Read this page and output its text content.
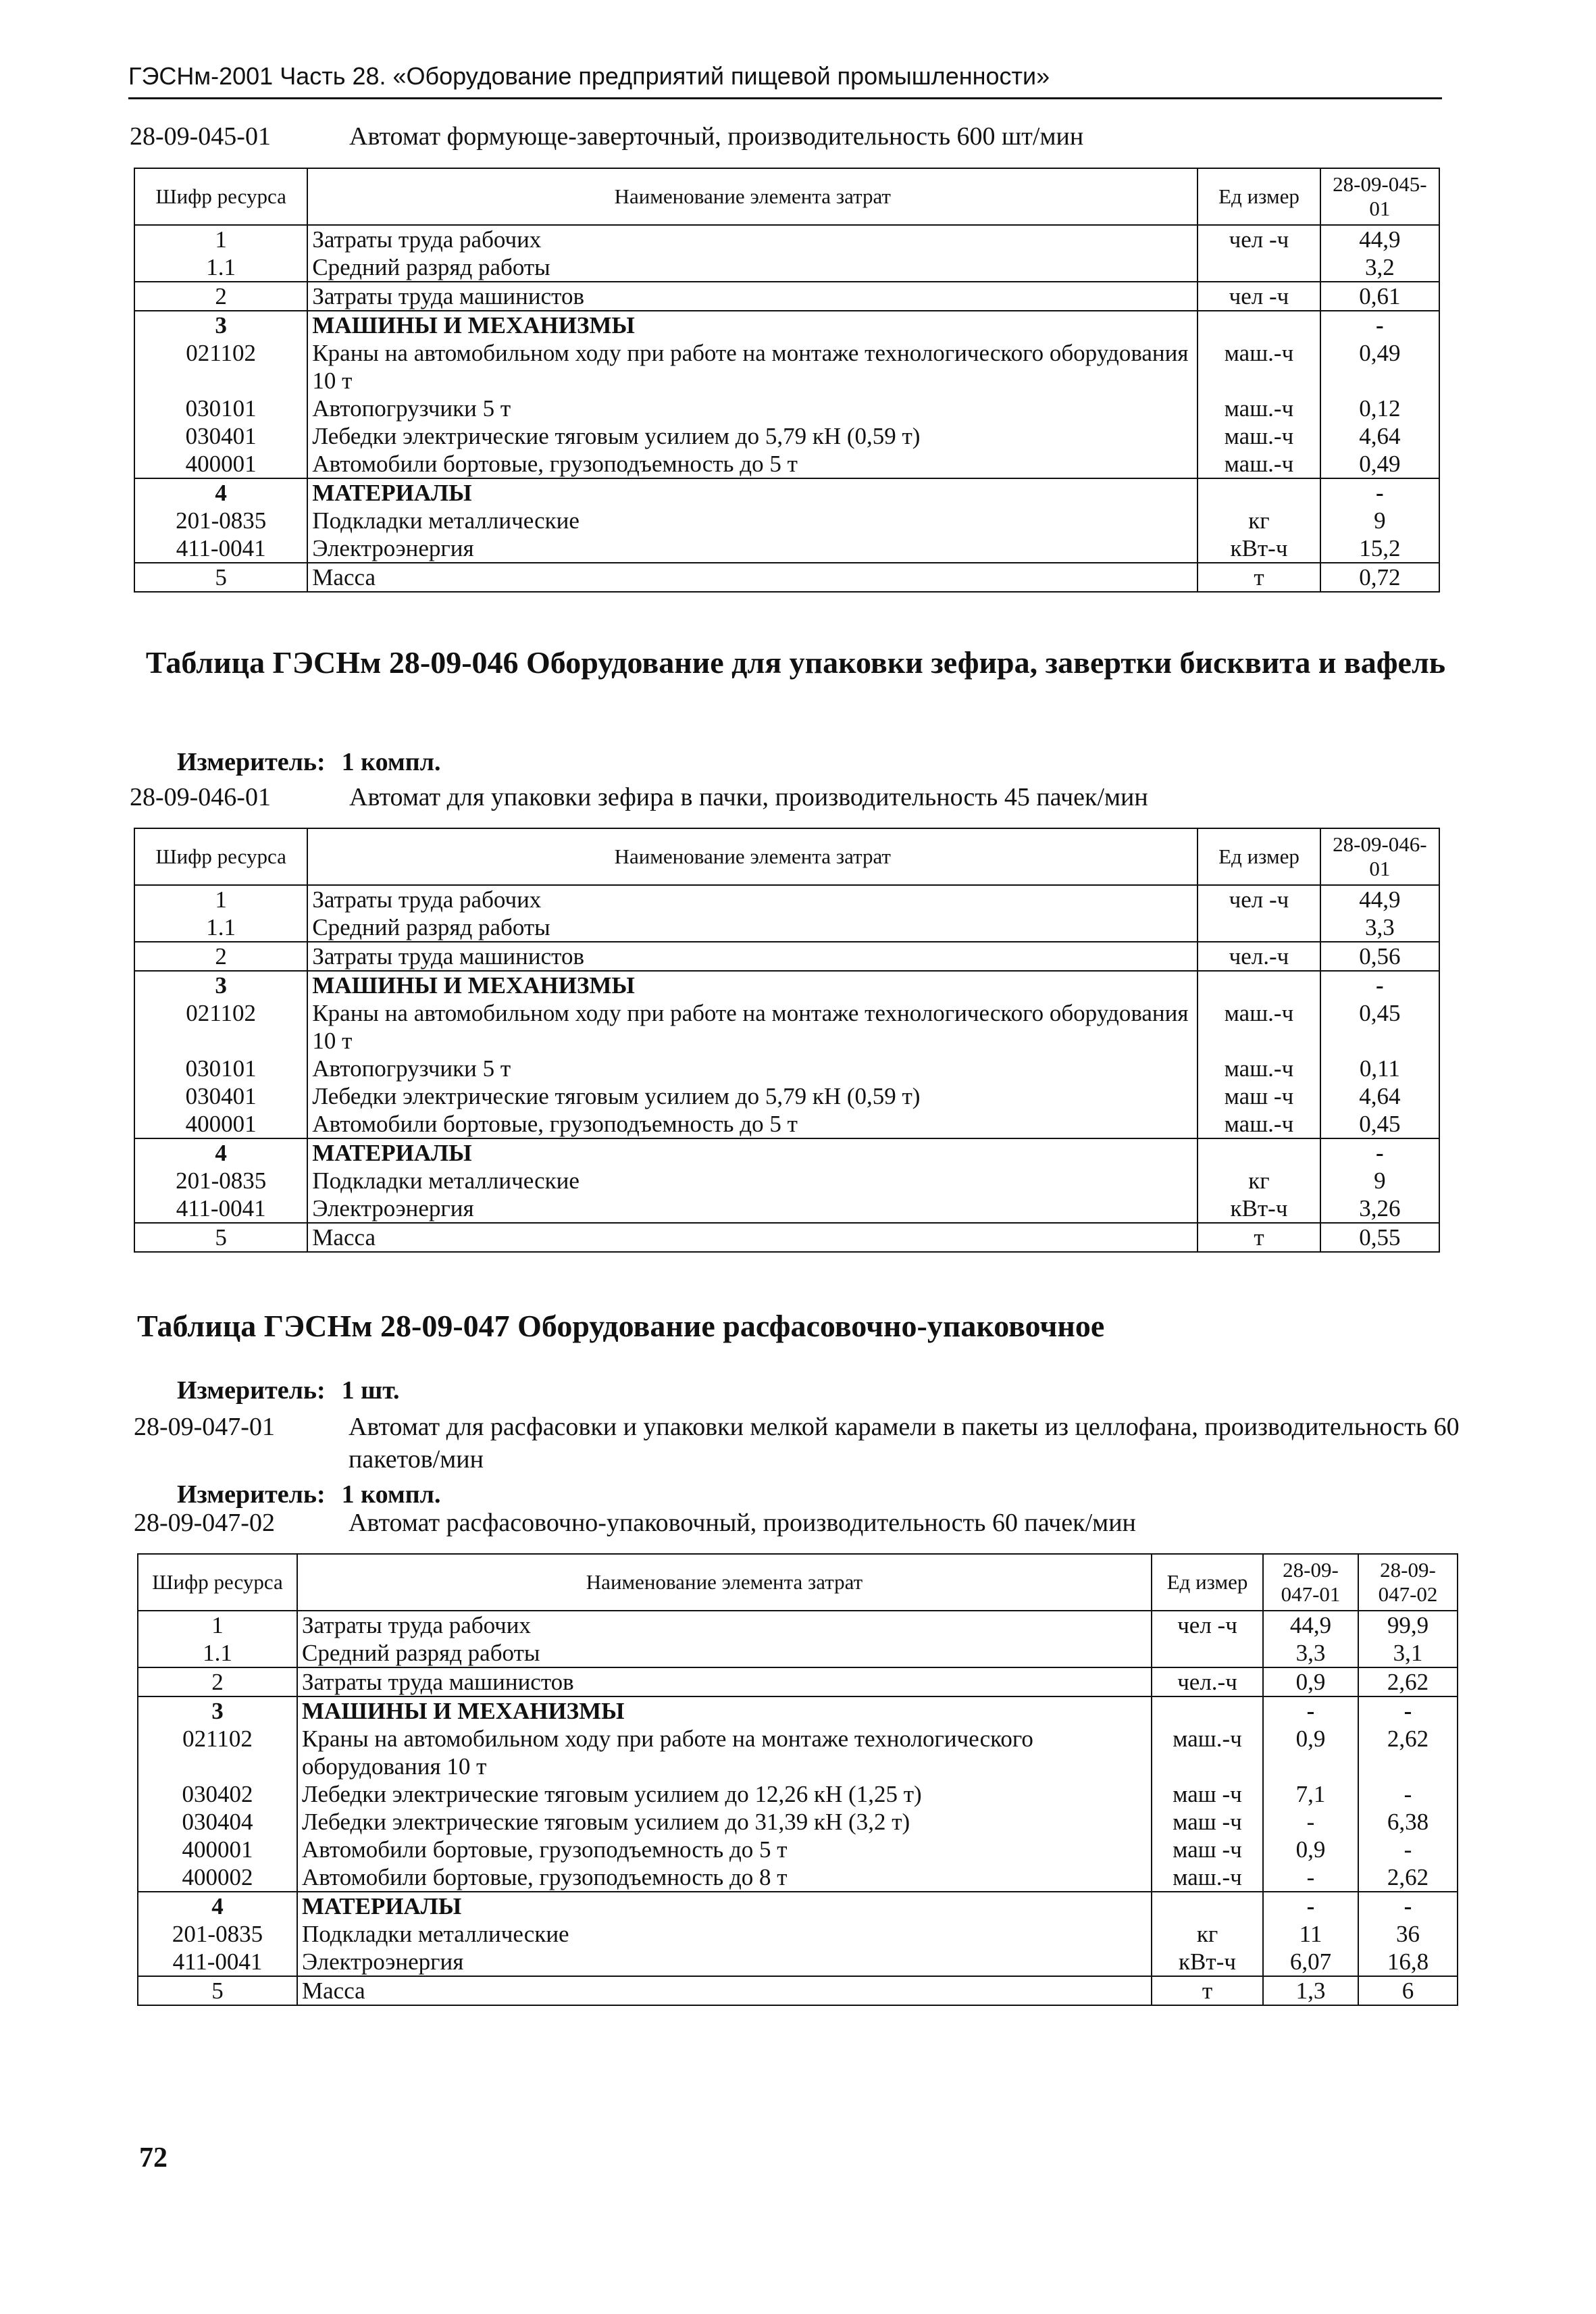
ГЭСНм-2001 Часть 28. «Оборудование предприятий пищевой промышленности»
28-09-045-01	Автомат формующе-заверточный, производительность 600 шт/мин
Шифр ресурса	Наименование элемента затрат	Ед измер	28-09-045-01
1	Затраты труда рабочих	чел -ч	44,9
1.1	Средний разряд работы		3,2
2	Затраты труда машинистов	чел -ч	0,61
3	МАШИНЫ И МЕХАНИЗМЫ		-
021102	Краны на автомобильном ходу при работе на монтаже технологического оборудования 10 т	маш.-ч	0,49
030101	Автопогрузчики 5 т	маш.-ч	0,12
030401	Лебедки электрические тяговым усилием до 5,79 кН (0,59 т)	маш.-ч	4,64
400001	Автомобили бортовые, грузоподъемность до 5 т	маш.-ч	0,49
4	МАТЕРИАЛЫ		-
201-0835	Подкладки металлические	кг	9
411-0041	Электроэнергия	кВт-ч	15,2
5	Масса	т	0,72
Таблица ГЭСНм 28-09-046 Оборудование для упаковки зефира, завертки бисквита и вафель
Измеритель: 1 компл.
28-09-046-01	Автомат для упаковки зефира в пачки, производительность 45 пачек/мин
Шифр ресурса	Наименование элемента затрат	Ед измер	28-09-046-01
1	Затраты труда рабочих	чел -ч	44,9
1.1	Средний разряд работы		3,3
2	Затраты труда машинистов	чел.-ч	0,56
3	МАШИНЫ И МЕХАНИЗМЫ		-
021102	Краны на автомобильном ходу при работе на монтаже технологического оборудования 10 т	маш.-ч	0,45
030101	Автопогрузчики 5 т	маш.-ч	0,11
030401	Лебедки электрические тяговым усилием до 5,79 кН (0,59 т)	маш -ч	4,64
400001	Автомобили бортовые, грузоподъемность до 5 т	маш.-ч	0,45
4	МАТЕРИАЛЫ		-
201-0835	Подкладки металлические	кг	9
411-0041	Электроэнергия	кВт-ч	3,26
5	Масса	т	0,55
Таблица ГЭСНм 28-09-047 Оборудование расфасовочно-упаковочное
Измеритель: 1 шт.
28-09-047-01	Автомат для расфасовки и упаковки мелкой карамели в пакеты из целлофана, производительность 60 пакетов/мин
Измеритель: 1 компл.
28-09-047-02	Автомат расфасовочно-упаковочный, производительность 60 пачек/мин
Шифр ресурса	Наименование элемента затрат	Ед измер	28-09-047-01	28-09-047-02
1	Затраты труда рабочих	чел -ч	44,9	99,9
1.1	Средний разряд работы		3,3	3,1
2	Затраты труда машинистов	чел.-ч	0,9	2,62
3	МАШИНЫ И МЕХАНИЗМЫ		-	-
021102	Краны на автомобильном ходу при работе на монтаже технологического оборудования 10 т	маш.-ч	0,9	2,62
030402	Лебедки электрические тяговым усилием до 12,26 кН (1,25 т)	маш -ч	7,1	-
030404	Лебедки электрические тяговым усилием до 31,39 кН (3,2 т)	маш -ч	-	6,38
400001	Автомобили бортовые, грузоподъемность до 5 т	маш -ч	0,9	-
400002	Автомобили бортовые, грузоподъемность до 8 т	маш.-ч	-	2,62
4	МАТЕРИАЛЫ		-	-
201-0835	Подкладки металлические	кг	11	36
411-0041	Электроэнергия	кВт-ч	6,07	16,8
5	Масса	т	1,3	6
72
